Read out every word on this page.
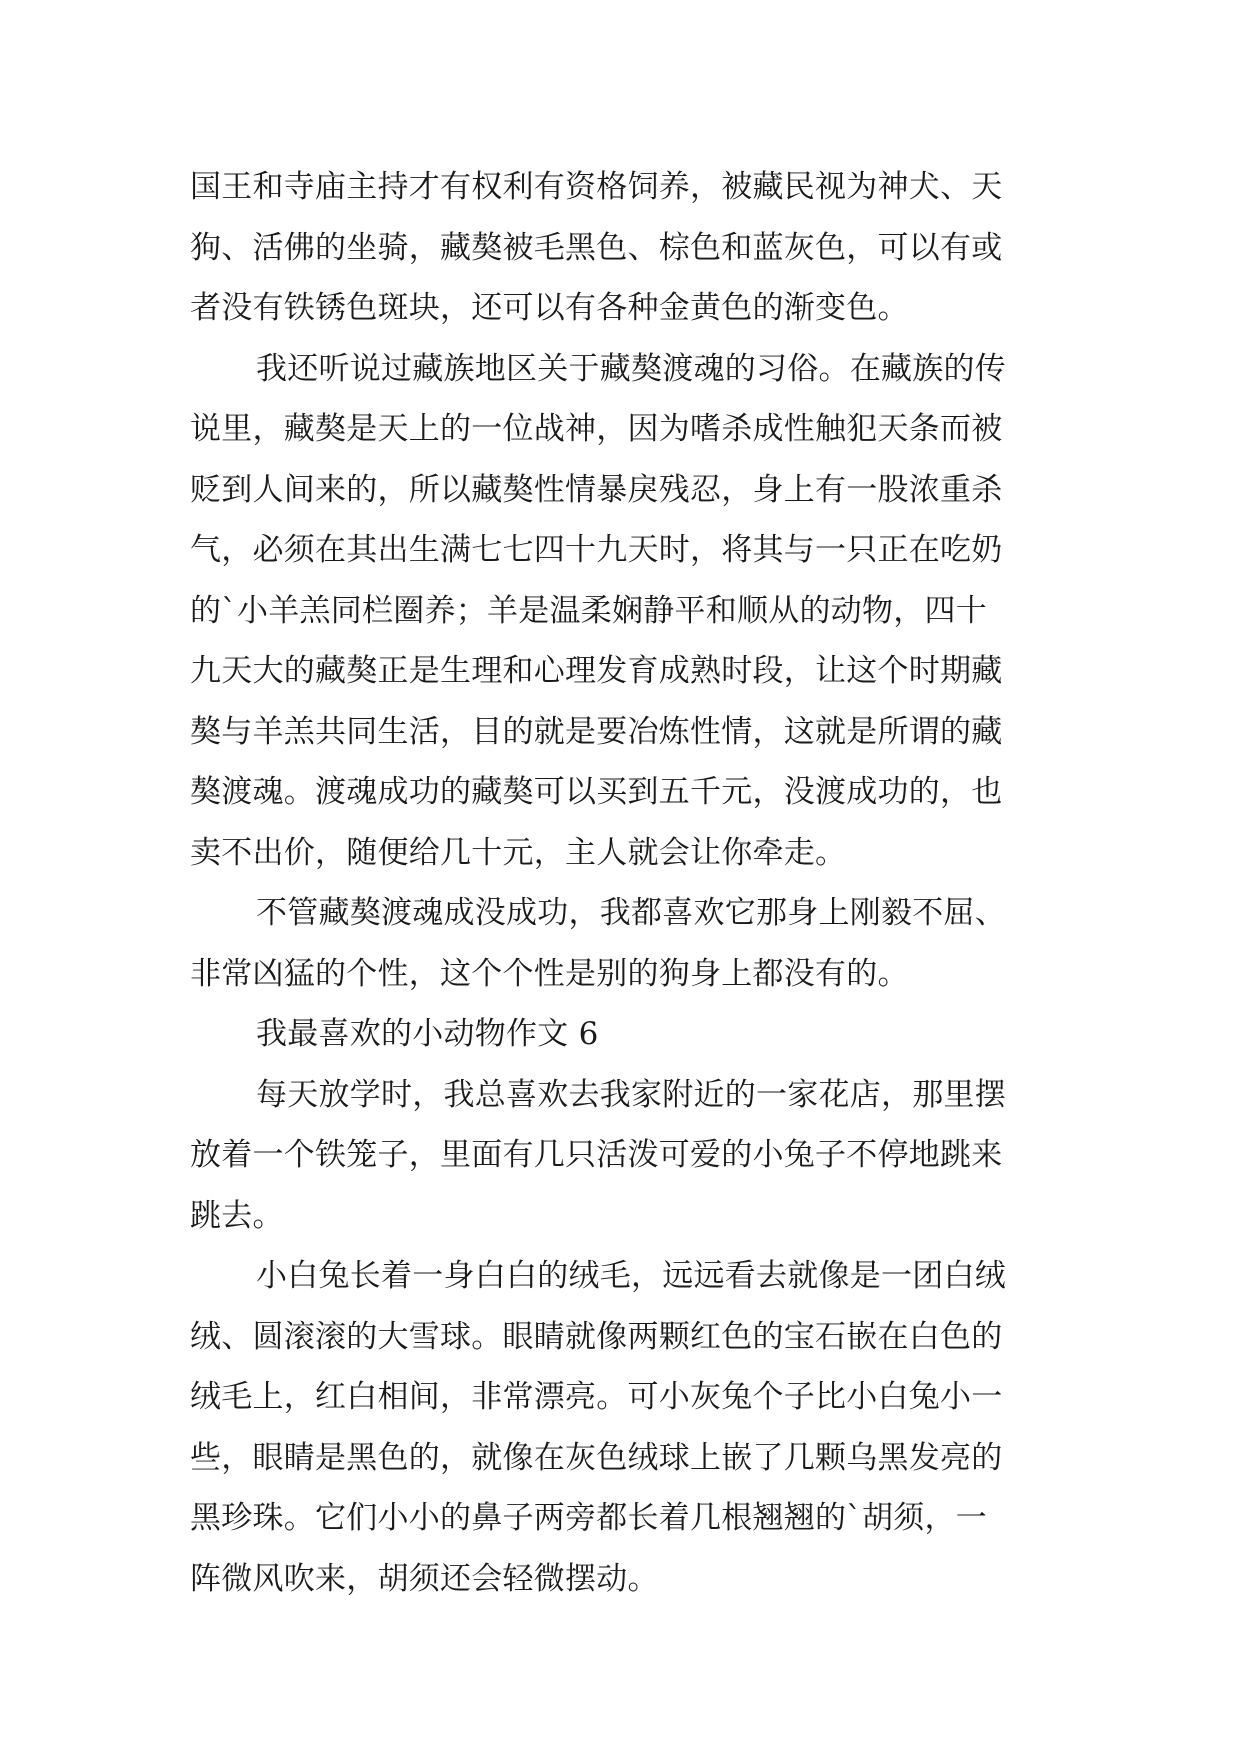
国王和寺庙主持才有权利有资格饲养，被藏民视为神犬、天
狗、活佛的坐骑，藏獒被毛黑色、棕色和蓝灰色，可以有或
者没有铁锈色斑块，还可以有各种金黄色的渐变色。
我还听说过藏族地区关于藏獒渡魂的习俗。在藏族的传
说里，藏獒是天上的一位战神，因为嗜杀成性触犯天条而被
贬到人间来的，所以藏獒性情暴戾残忍，身上有一股浓重杀
气，必须在其出生满七七四十九天时，将其与一只正在吃奶
的`小羊羔同栏圈养；羊是温柔娴静平和顺从的动物，四十
九天大的藏獒正是生理和心理发育成熟时段，让这个时期藏
獒与羊羔共同生活，目的就是要冶炼性情，这就是所谓的藏
獒渡魂。渡魂成功的藏獒可以买到五千元，没渡成功的，也
卖不出价，随便给几十元，主人就会让你牵走。
不管藏獒渡魂成没成功，我都喜欢它那身上刚毅不屈、
非常凶猛的个性，这个个性是别的狗身上都没有的。
我最喜欢的小动物作文 6
每天放学时，我总喜欢去我家附近的一家花店，那里摆
放着一个铁笼子，里面有几只活泼可爱的小兔子不停地跳来
跳去。
小白兔长着一身白白的绒毛，远远看去就像是一团白绒
绒、圆滚滚的大雪球。眼睛就像两颗红色的宝石嵌在白色的
绒毛上，红白相间，非常漂亮。可小灰兔个子比小白兔小一
些，眼睛是黑色的，就像在灰色绒球上嵌了几颗乌黑发亮的
黑珍珠。它们小小的鼻子两旁都长着几根翘翘的`胡须，一
阵微风吹来，胡须还会轻微摆动。
